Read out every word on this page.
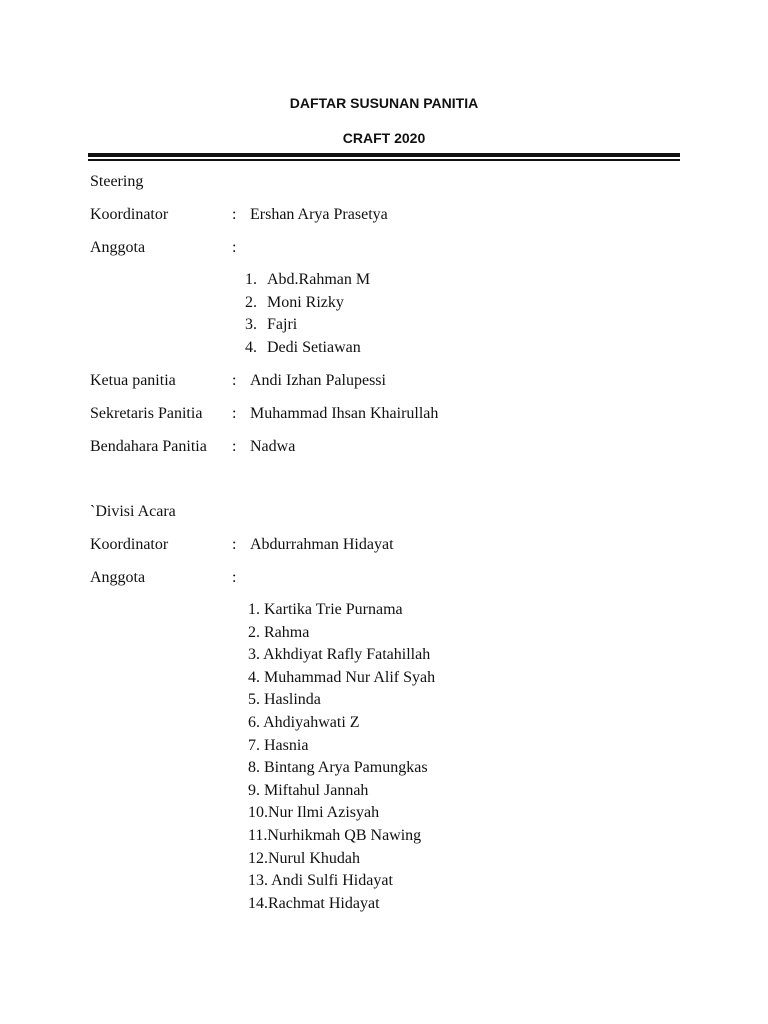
DAFTAR SUSUNAN PANITIA
CRAFT 2020
Steering
Koordinator	: Ershan Arya Prasetya
Anggota	:
1. Abd.Rahman M
2. Moni Rizky
3. Fajri
4. Dedi Setiawan
Ketua panitia	: Andi Izhan Palupessi
Sekretaris Panitia : Muhammad Ihsan Khairullah
Bendahara Panitia : Nadwa
`Divisi Acara
Koordinator	: Abdurrahman Hidayat
Anggota	:
1. Kartika Trie Purnama
2. Rahma
3. Akhdiyat Rafly Fatahillah
4. Muhammad Nur Alif Syah
5. Haslinda
6. Ahdiyahwati Z
7. Hasnia
8. Bintang Arya Pamungkas
9. Miftahul Jannah
10.Nur Ilmi Azisyah
11.Nurhikmah QB Nawing
12.Nurul Khudah
13. Andi Sulfi Hidayat
14.Rachmat Hidayat
